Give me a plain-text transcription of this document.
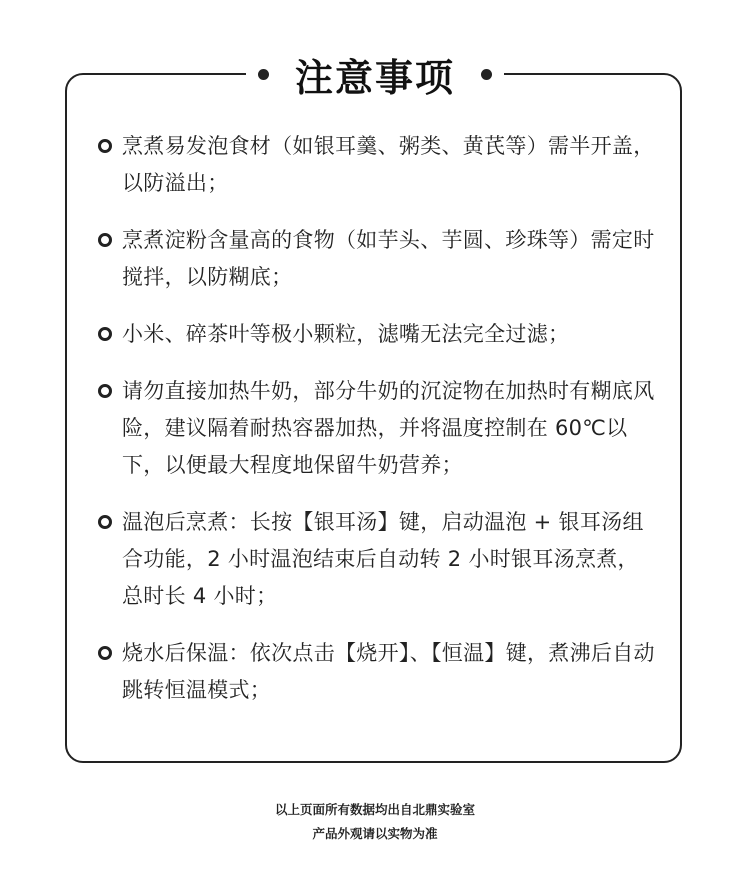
注意事项
烹煮易发泡食材（如银耳羹、粥类、黄芪等）需半开盖，以防溢出；
烹煮淀粉含量高的食物（如芋头、芋圆、珍珠等）需定时搅拌，以防糊底；
小米、碎茶叶等极小颗粒，滤嘴无法完全过滤；
请勿直接加热牛奶，部分牛奶的沉淀物在加热时有糊底风险，建议隔着耐热容器加热，并将温度控制在 60℃以下，以便最大程度地保留牛奶营养；
温泡后烹煮：长按【银耳汤】键，启动温泡 + 银耳汤组合功能，2 小时温泡结束后自动转 2 小时银耳汤烹煮，总时长 4 小时；
烧水后保温：依次点击【烧开】、【恒温】键，煮沸后自动跳转恒温模式；
以上页面所有数据均出自北鼎实验室
产品外观请以实物为准
